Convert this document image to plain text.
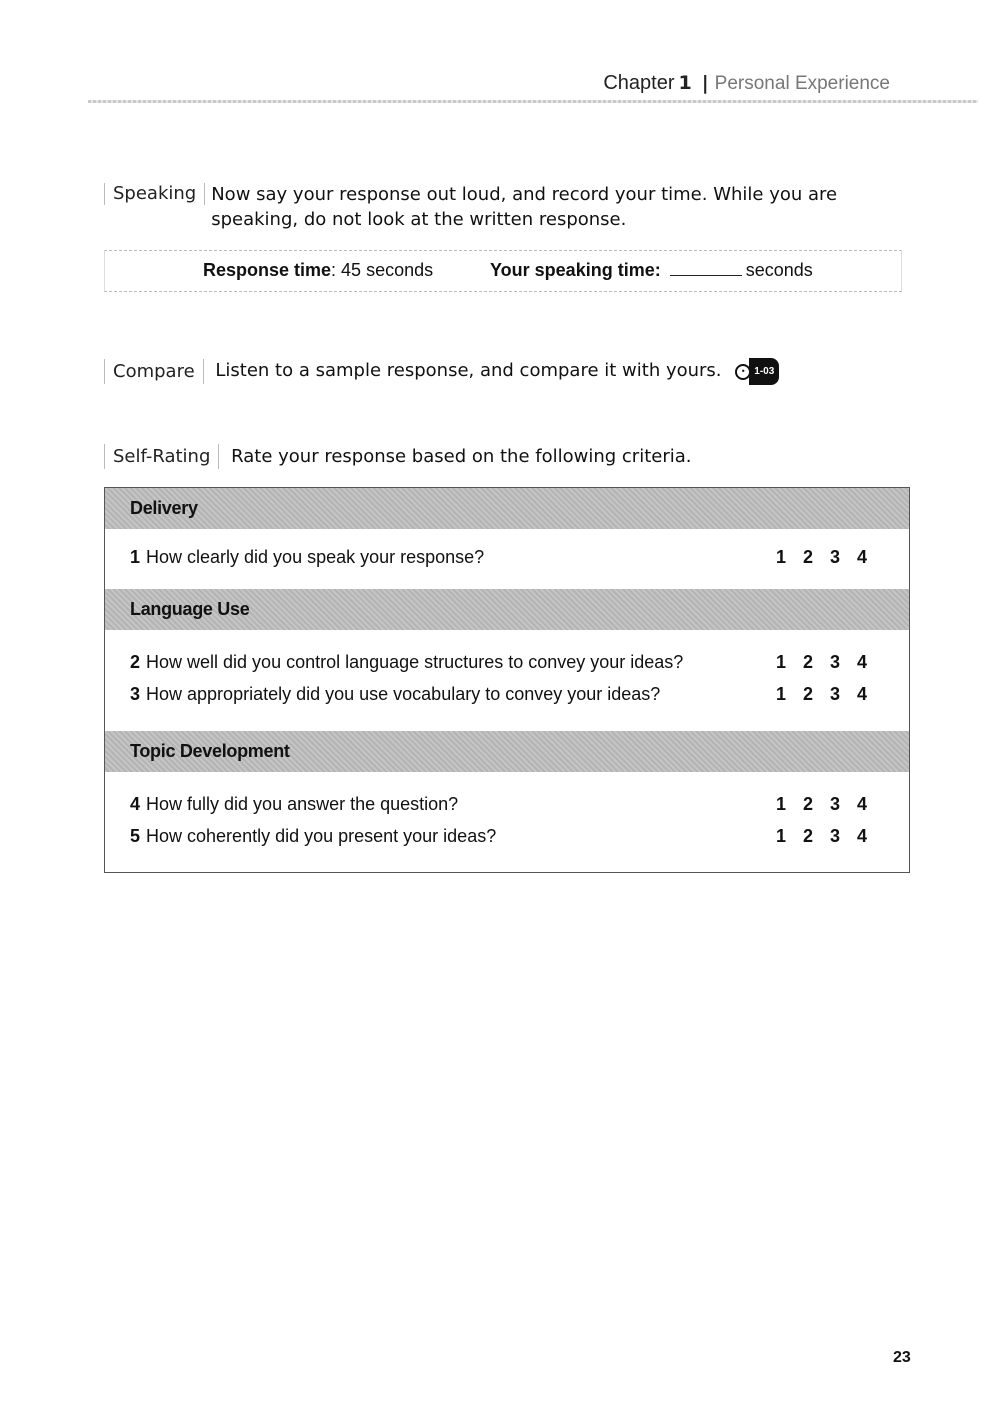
Chapter 1 | Personal Experience
Speaking Now say your response out loud, and record your time. While you are speaking, do not look at the written response.
Response time: 45 seconds	Your speaking time:	seconds
Compare Listen to a sample response, and compare it with yours.	• 1-03
Self-Rating Rate your response based on the following criteria.
Delivery
1 How clearly did you speak your response?	1 2 3 4
Language Use
2 How well did you control language structures to convey your ideas?	1 2 3 4
3 How appropriately did you use vocabulary to convey your ideas?	1 2 3 4
Topic Development
4 How fully did you answer the question?	1 2 3 4
5 How coherently did you present your ideas?	1 2 3 4
23
